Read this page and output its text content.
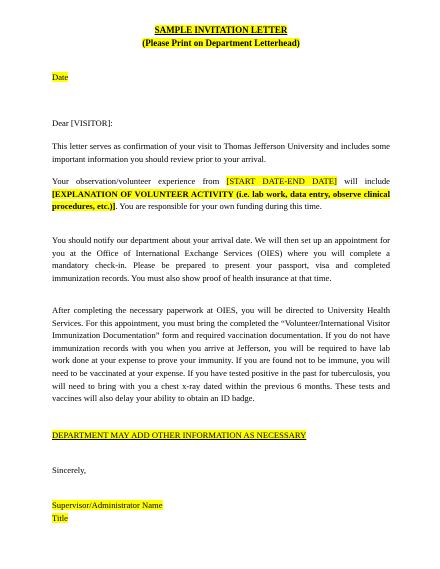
SAMPLE INVITATION LETTER
(Please Print on Department Letterhead)
Date
Dear [VISITOR]:

This letter serves as confirmation of your visit to Thomas Jefferson University and includes some important information you should review prior to your arrival.

Your observation/volunteer experience from [START DATE-END DATE] will include [EXPLANATION OF VOLUNTEER ACTIVITY (i.e. lab work, data entry, observe clinical procedures, etc.)]. You are responsible for your own funding during this time.

You should notify our department about your arrival date. We will then set up an appointment for you at the Office of International Exchange Services (OIES) where you will complete a mandatory check-in. Please be prepared to present your passport, visa and completed immunization records. You must also show proof of health insurance at that time.

After completing the necessary paperwork at OIES, you will be directed to University Health Services. For this appointment, you must bring the completed the “Volunteer/International Visitor Immunization Documentation” form and required vaccination documentation. If you do not have immunization records with you when you arrive at Jefferson, you will be required to have lab work done at your expense to prove your immunity. If you are found not to be immune, you will need to be vaccinated at your expense. If you have tested positive in the past for tuberculosis, you will need to bring with you a chest x-ray dated within the previous 6 months. These tests and vaccines will also delay your ability to obtain an ID badge.

DEPARTMENT MAY ADD OTHER INFORMATION AS NECESSARY
Sincerely,
Supervisor/Administrator Name
Title
